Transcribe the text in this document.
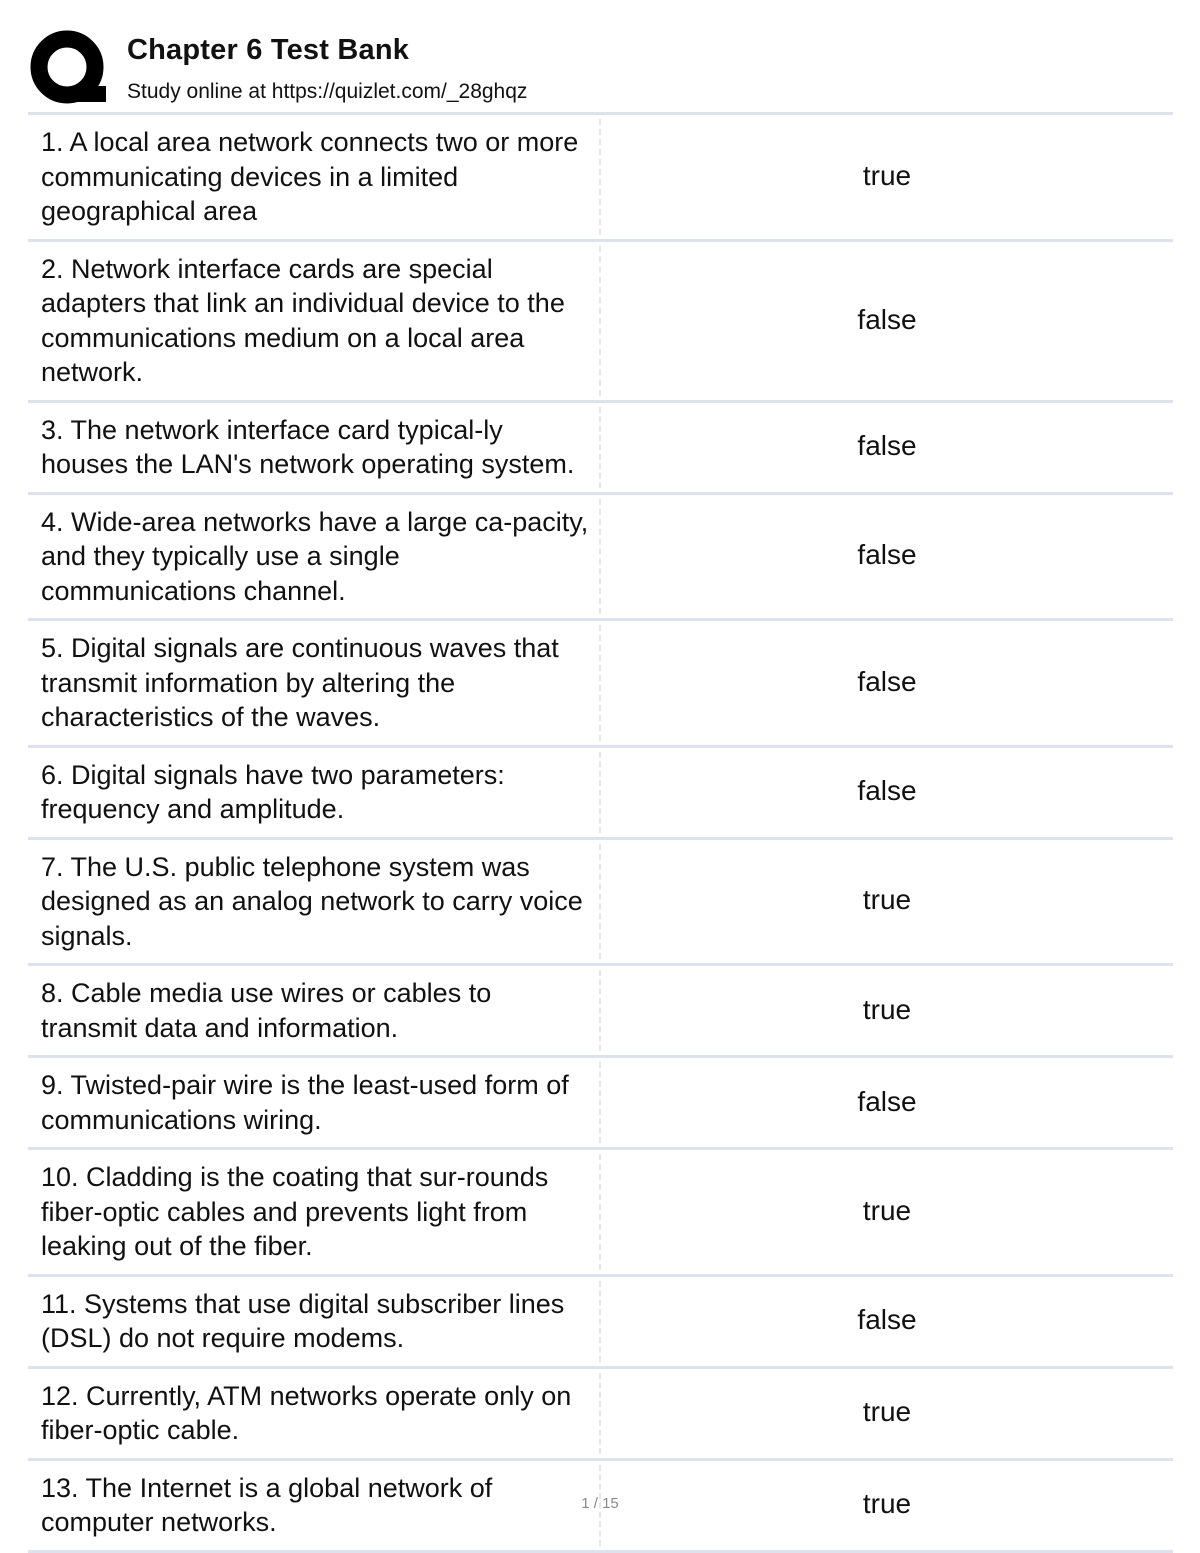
Chapter 6 Test Bank
Study online at https://quizlet.com/_28ghqz
1. A local area network connects two or more communicating devices in a limited geographical area
true
2. Network interface cards are special adapters that link an individual device to the communications medium on a local area network.
false
3. The network interface card typical-ly houses the LAN's network operating system.
false
4. Wide-area networks have a large ca-pacity, and they typically use a single communications channel.
false
5. Digital signals are continuous waves that transmit information by altering the characteristics of the waves.
false
6. Digital signals have two parameters: frequency and amplitude.
false
7. The U.S. public telephone system was designed as an analog network to carry voice signals.
true
8. Cable media use wires or cables to transmit data and information.
true
9. Twisted-pair wire is the least-used form of communications wiring.
false
10. Cladding is the coating that sur-rounds fiber-optic cables and prevents light from leaking out of the fiber.
true
11. Systems that use digital subscriber lines (DSL) do not require modems.
false
12. Currently, ATM networks operate only on fiber-optic cable.
true
13. The Internet is a global network of computer networks.
true
1 / 15
